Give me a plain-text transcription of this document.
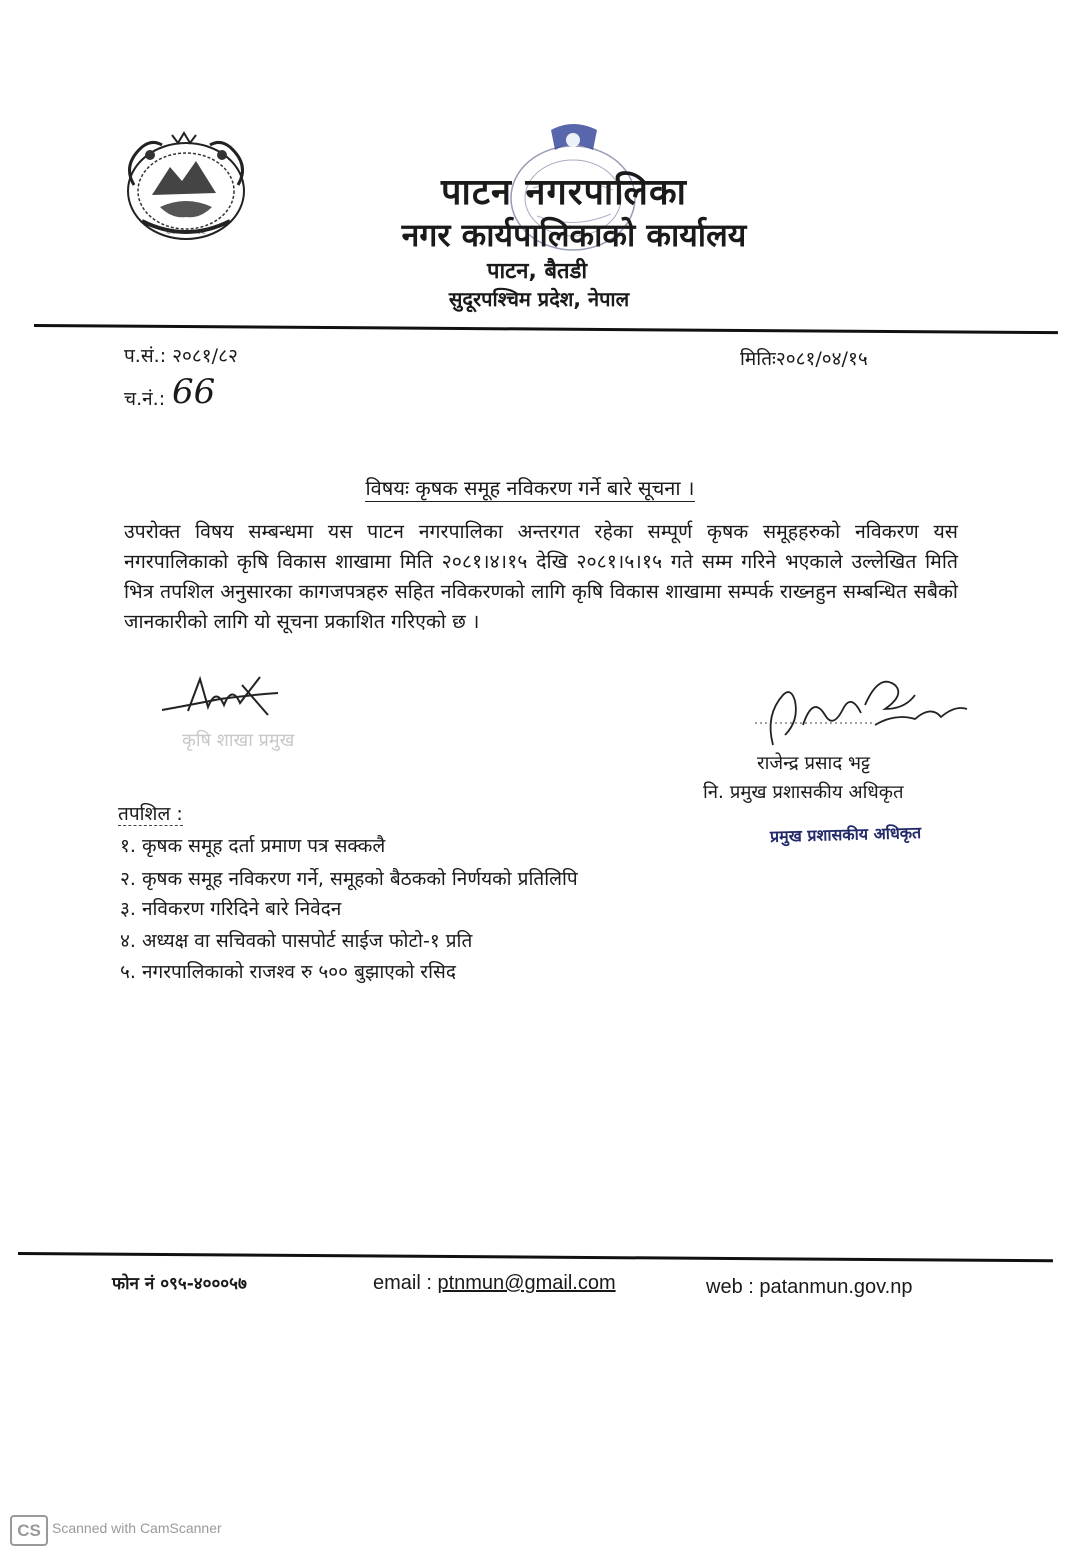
~~~~~~~~
पाटन नगरपालिका
नगर कार्यपालिकाको कार्यालय
पाटन, बैतडी
सुदूरपश्चिम प्रदेश, नेपाल
प.सं.: २०८१/८२	मितिः२०८१/०४/१५
च.नं.: 66
विषयः कृषक समूह नविकरण गर्ने बारे सूचना ।
उपरोक्त विषय सम्बन्धमा यस पाटन नगरपालिका अन्तरगत रहेका सम्पूर्ण कृषक समूहहरुको नविकरण यस नगरपालिकाको कृषि विकास शाखामा मिति २०८१।४।१५ देखि २०८१।५।१५ गते सम्म गरिने भएकाले उल्लेखित मिति भित्र तपशिल अनुसारका कागजपत्रहरु सहित नविकरणको लागि कृषि विकास शाखामा सम्पर्क राख्नहुन सम्बन्धित सबैको जानकारीको लागि यो सूचना प्रकाशित गरिएको छ ।
कृषि शाखा प्रमुख
राजेन्द्र प्रसाद भट्ट
नि. प्रमुख प्रशासकीय अधिकृत
प्रमुख प्रशासकीय अधिकृत
तपशिल :
१. कृषक समूह दर्ता प्रमाण पत्र सक्कलै
२. कृषक समूह नविकरण गर्ने, समूहको बैठकको निर्णयको प्रतिलिपि
३. नविकरण गरिदिने बारे निवेदन
४. अध्यक्ष वा सचिवको पासपोर्ट साईज फोटो-१ प्रति
५. नगरपालिकाको राजश्व रु ५०० बुझाएको रसिद
फोन नं ०९५-४०००५७	email : ptnmun@gmail.com	web : patanmun.gov.np
CS Scanned with CamScanner
